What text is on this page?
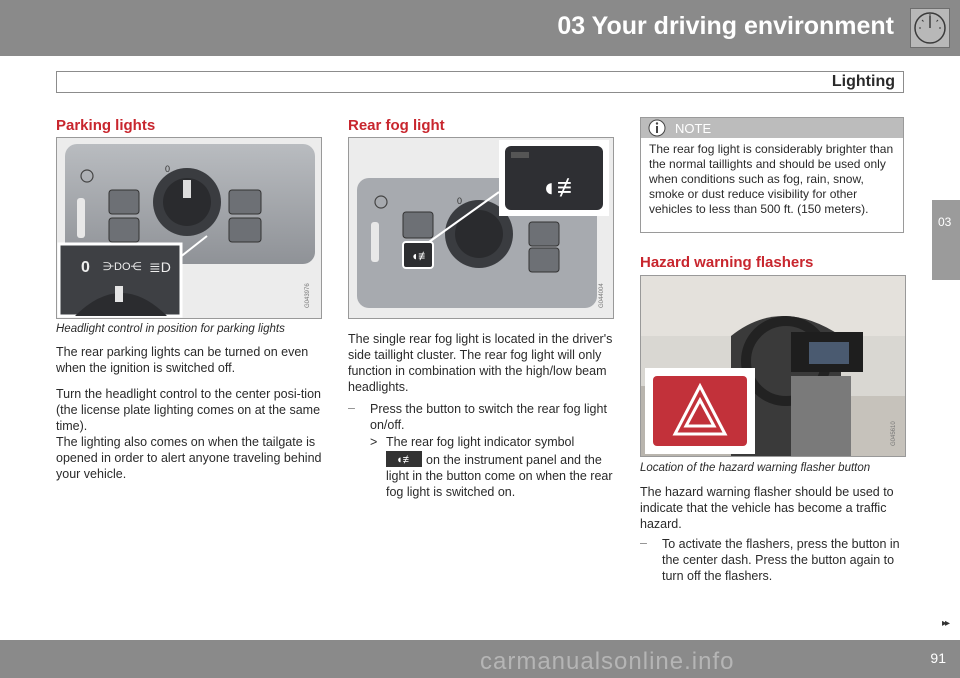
03 Your driving environment
Lighting
03
Parking lights
0
0 ⋺DO⋲ ≣D
G043976
Headlight control in position for parking lights
The rear parking lights can be turned on even when the ignition is switched off.
Turn the headlight control to the center posi-tion (the license plate lighting comes on at the same time).
The lighting also comes on when the tailgate is opened in order to alert anyone traveling behind your vehicle.
Rear fog light
◖≢
0	◖≢
G044004
The single rear fog light is located in the driver's side taillight cluster. The rear fog light will only function in combination with the high/low beam headlights.
– Press the button to switch the rear fog light on/off.
> The rear fog light indicator symbol
◖≢ on the instrument panel and the light in the button come on when the rear fog light is switched on.
NOTE
The rear fog light is considerably brighter than the normal taillights and should be used only when conditions such as fog, rain, snow, smoke or dust reduce visibility for other vehicles to less than 500 ft. (150 meters).
Hazard warning flashers
G045610
Location of the hazard warning flasher button
The hazard warning flasher should be used to indicate that the vehicle has become a traffic hazard.
– To activate the flashers, press the button in the center dash. Press the button again to turn off the flashers.
▸▸
91
carmanualsonline.info
